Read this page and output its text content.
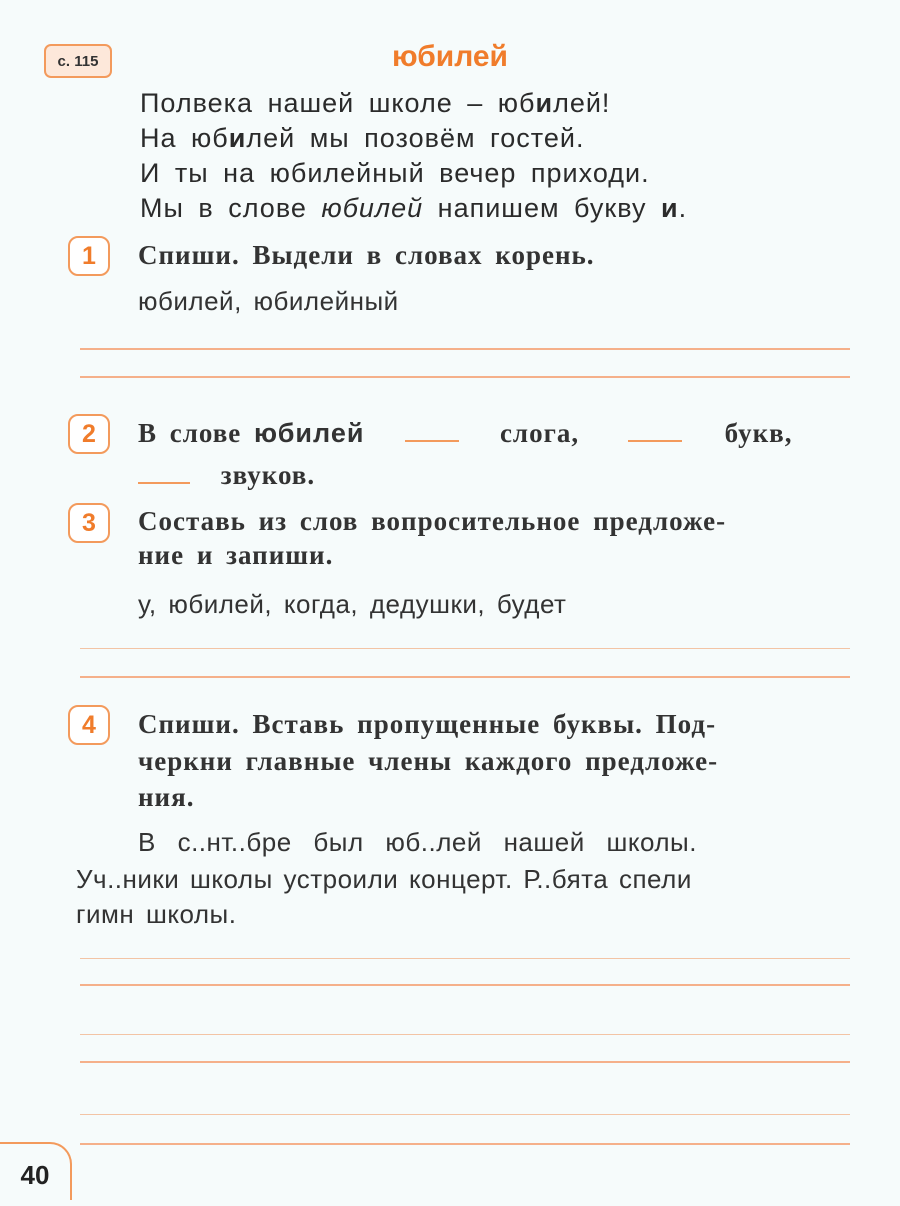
с. 115	юбилей
Полвека нашей школе – юбилей!
На юбилей мы позовём гостей.
И ты на юбилейный вечер приходи.
Мы в слове юбилей напишем букву и.
1	Спиши. Выдели в словах корень.
юбилей, юбилейный
2	В слове юбилей	слога,	букв,
звуков.
3	Составь из слов вопросительное предложе-
ние и запиши.
у, юбилей, когда, дедушки, будет
4	Спиши. Вставь пропущенные буквы. Под-
черкни главные члены каждого предложе-
ния.
В с..нт..бре был юб..лей нашей школы.
Уч..ники школы устроили концерт. Р..бята спели
гимн школы.
40
